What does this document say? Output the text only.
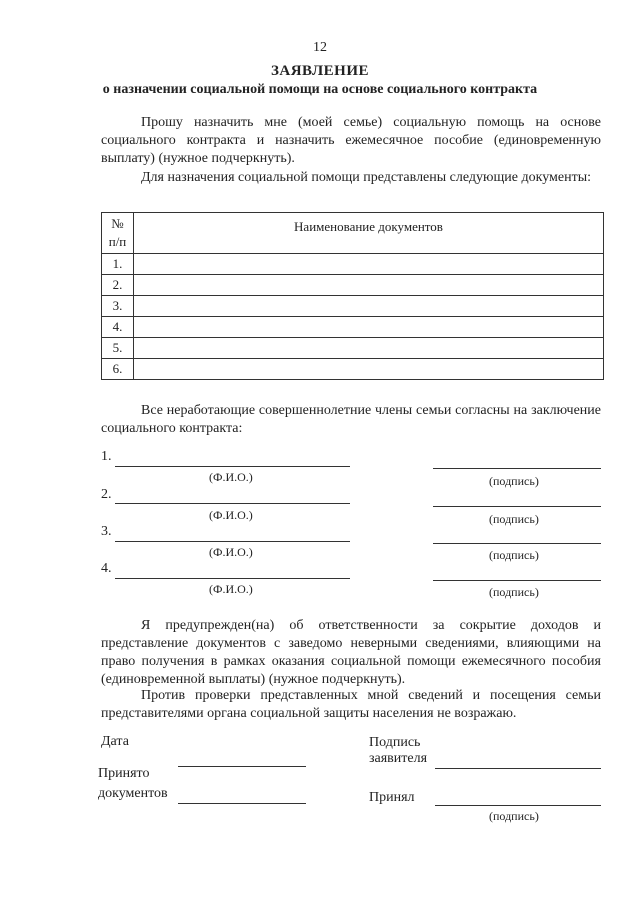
12
ЗАЯВЛЕНИЕ
о назначении социальной помощи на основе социального контракта
Прошу назначить мне (моей семье) социальную помощь на основе социального контракта и назначить ежемесячное пособие (единовременную выплату) (нужное подчеркнуть).
Для назначения социальной помощи представлены следующие документы:
№
п/п	Наименование документов
1.	
2.	
3.	
4.	
5.	
6.	
Все неработающие совершеннолетние члены семьи согласны на заключение социального контракта:
1.
(Ф.И.О.)	(подпись)
2.
(Ф.И.О.)	(подпись)
3.
(Ф.И.О.)	(подпись)
4.
(Ф.И.О.)	(подпись)
Я предупрежден(на) об ответственности за сокрытие доходов и представление документов с заведомо неверными сведениями, влияющими на право получения в рамках оказания социальной помощи ежемесячного пособия (единовременной выплаты) (нужное подчеркнуть).
Против проверки представленных мной сведений и посещения семьи представителями органа социальной защиты населения не возражаю.
Дата	Подпись
заявителя
Принято
документов	Принял
(подпись)
